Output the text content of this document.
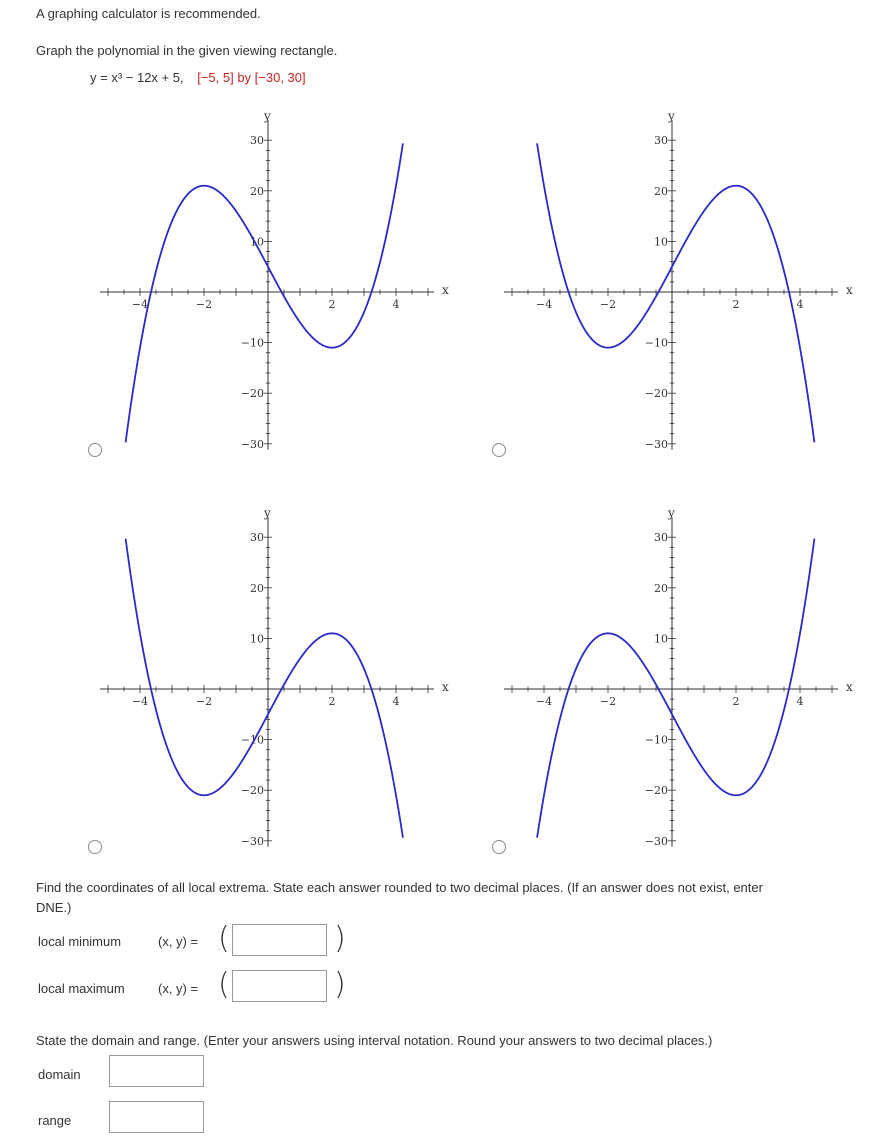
A graphing calculator is recommended.
Graph the polynomial in the given viewing rectangle.
y = x³ − 12x + 5, [−5, 5] by [−30, 30]
x
y
−4	−2	2	4
30
20
10
−10
−20
−30
x
y
−4	−2	2	4
30
20
10
−10
−20
−30
x
y
−4	−2	2	4
30
20
10
−10
−20
−30
x
y
−4	−2	2	4
30
20
10
−10
−20
−30
Find the coordinates of all local extrema. State each answer rounded to two decimal places. (If an answer does not exist, enter
DNE.)
local minimum	(x, y) = (	)
local maximum	(x, y) = (	)
State the domain and range. (Enter your answers using interval notation. Round your answers to two decimal places.)
domain
range
